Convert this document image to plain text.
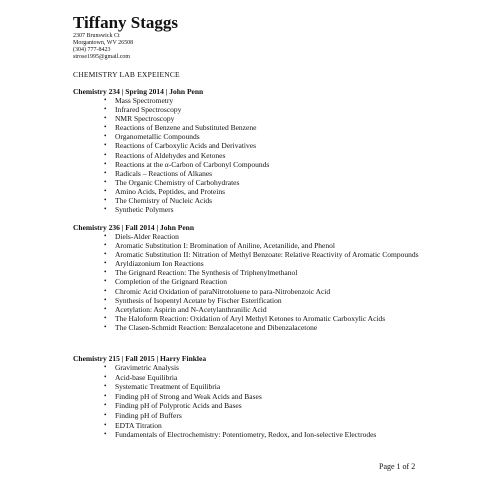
Tiffany Staggs
2307 Brunswick Ct
Morgantown, WV 26508
(304) 777-8423
strose1995@gmail.com
CHEMISTRY LAB EXPEIENCE
Chemistry 234 | Spring 2014 | John Penn
• Mass Spectrometry
• Infrared Spectroscopy
• NMR Spectroscopy
• Reactions of Benzene and Substituted Benzene
• Organometallic Compounds
• Reactions of Carboxylic Acids and Derivatives
• Reactions of Aldehydes and Ketones
• Reactions at the α-Carbon of Carbonyl Compounds
• Radicals – Reactions of Alkanes
• The Organic Chemistry of Carbohydrates
• Amino Acids, Peptides, and Proteins
• The Chemistry of Nucleic Acids
• Synthetic Polymers
Chemistry 236 | Fall 2014 | John Penn
• Diels-Alder Reaction
• Aromatic Substitution I: Bromination of Aniline, Acetanilide, and Phenol
• Aromatic Substitution II: Nitration of Methyl Benzoate: Relative Reactivity of Aromatic Compounds
• Aryldiazonium Ion Reactions
• The Grignard Reaction: The Synthesis of Triphenylmethanol
• Completion of the Grignard Reaction
• Chromic Acid Oxidation of paraNitrotoluene to para-Nitrobenzoic Acid
• Synthesis of Isopentyl Acetate by Fischer Esterification
• Acetylation: Aspirin and N-Acetylanthranilic Acid
• The Haloform Reaction: Oxidation of Aryl Methyl Ketones to Aromatic Carboxylic Acids
• The Clasen-Schmidt Reaction: Benzalacetone and Dibenzalacetone
Chemistry 215 | Fall 2015 | Harry Finklea
• Gravimetric Analysis
• Acid-base Equilibria
• Systematic Treatment of Equilibria
• Finding pH of Strong and Weak Acids and Bases
• Finding pH of Polyprotic Acids and Bases
• Finding pH of Buffers
• EDTA Titration
• Fundamentals of Electrochemistry: Potentiometry, Redox, and Ion-selective Electrodes
Page 1 of 2
